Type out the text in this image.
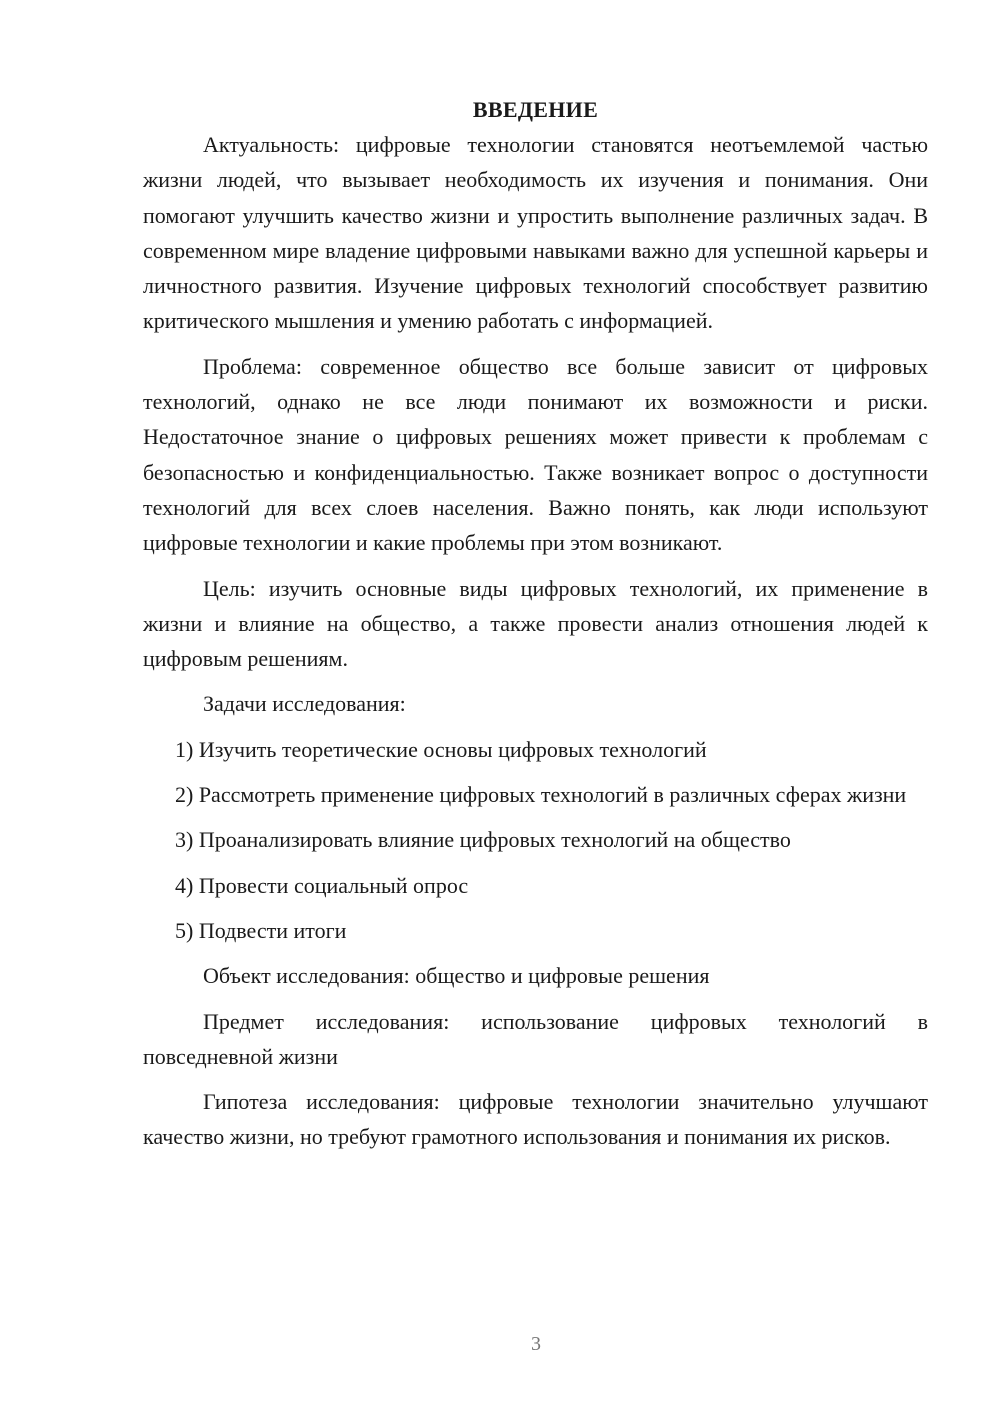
ВВЕДЕНИЕ

Актуальность: цифровые технологии становятся неотъемлемой частью жизни людей, что вызывает необходимость их изучения и понимания. Они помогают улучшить качество жизни и упростить выполнение различных задач. В современном мире владение цифровыми навыками важно для успешной карьеры и личностного развития. Изучение цифровых технологий способствует развитию критического мышления и умению работать с информацией.

Проблема: современное общество все больше зависит от цифровых технологий, однако не все люди понимают их возможности и риски. Недостаточное знание о цифровых решениях может привести к проблемам с безопасностью и конфиденциальностью. Также возникает вопрос о доступности технологий для всех слоев населения. Важно понять, как люди используют цифровые технологии и какие проблемы при этом возникают.

Цель: изучить основные виды цифровых технологий, их применение в жизни и влияние на общество, а также провести анализ отношения людей к цифровым решениям.

Задачи исследования:

1) Изучить теоретические основы цифровых технологий

2) Рассмотреть применение цифровых технологий в различных сферах жизни

3) Проанализировать влияние цифровых технологий на общество

4) Провести социальный опрос

5) Подвести итоги

Объект исследования: общество и цифровые решения

Предмет исследования: использование цифровых технологий в повседневной жизни

Гипотеза исследования: цифровые технологии значительно улучшают качество жизни, но требуют грамотного использования и понимания их рисков.

3
